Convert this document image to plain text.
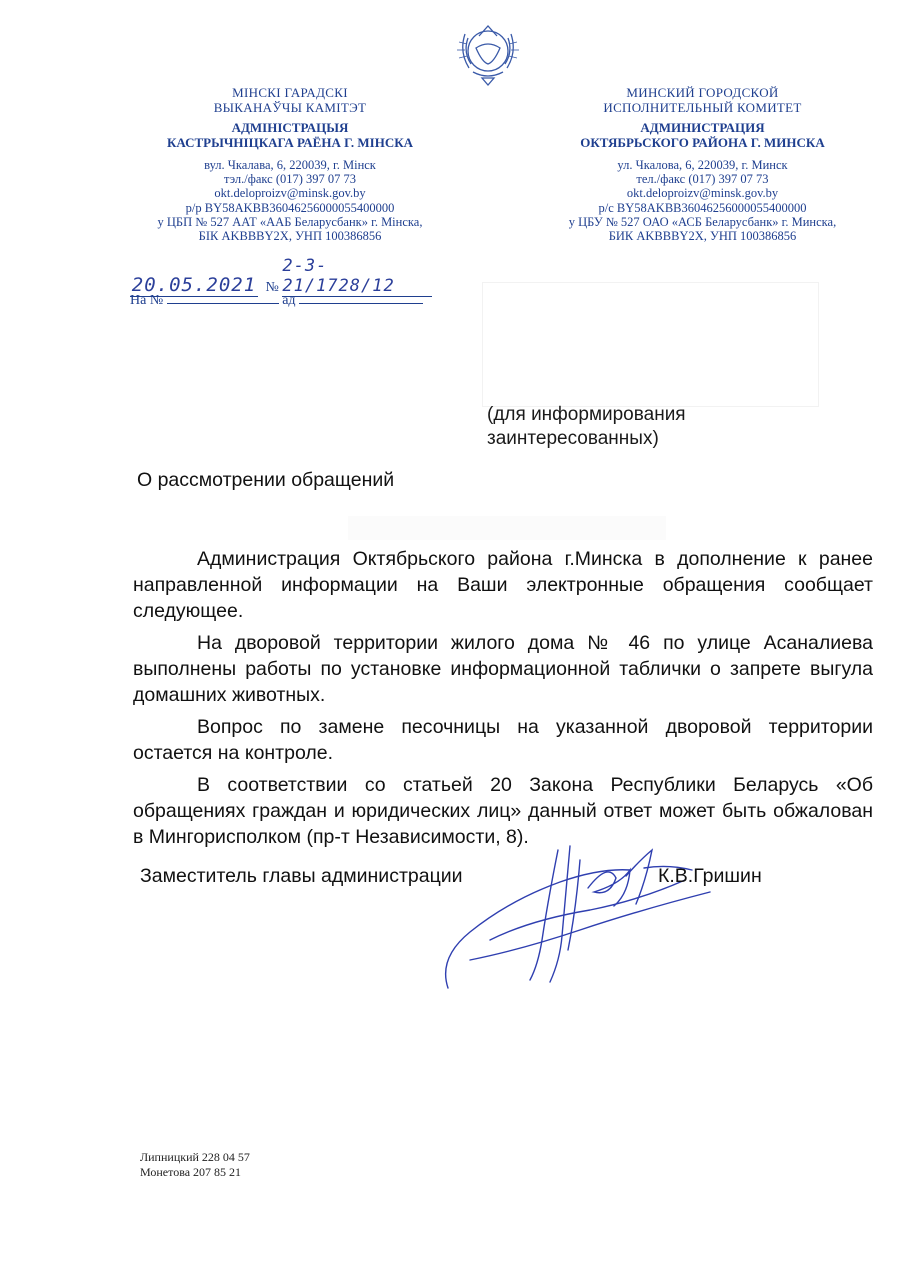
МІНСКІ ГАРАДСКІ
ВЫКАНАЎЧЫ КАМІТЭТ
АДМІНІСТРАЦЫЯ
КАСТРЫЧНІЦКАГА РАЁНА Г. МІНСКА
вул. Чкалава, 6, 220039, г. Мінск
тэл./факс (017) 397 07 73
okt.deloproizv@minsk.gov.by
р/р BY58AKBB36046256000055400000
у ЦБП № 527 ААТ «ААБ Беларусбанк» г. Мінска,
БІК AKBBBY2X, УНП 100386856
МИНСКИЙ ГОРОДСКОЙ
ИСПОЛНИТЕЛЬНЫЙ КОМИТЕТ
АДМИНИСТРАЦИЯ
ОКТЯБРЬСКОГО РАЙОНА Г. МИНСКА
ул. Чкалова, 6, 220039, г. Минск
тел./факс (017) 397 07 73
okt.deloproizv@minsk.gov.by
р/с BY58AKBB36046256000055400000
у ЦБУ № 527 ОАО «АСБ Беларусбанк» г. Минска,
БИК AKBBBY2X, УНП 100386856
20.05.2021 № 2-3-21/1728/12
На №	ад
(для информирования заинтересованных)
О рассмотрении обращений

Администрация Октябрьского района г.Минска в дополнение к ранее направленной информации на Ваши электронные обращения сообщает следующее.

На дворовой территории жилого дома № 46 по улице Асаналиева выполнены работы по установке информационной таблички о запрете выгула домашних животных.

Вопрос по замене песочницы на указанной дворовой территории остается на контроле.

В соответствии со статьей 20 Закона Республики Беларусь «Об обращениях граждан и юридических лиц» данный ответ может быть обжалован в Мингорисполком (пр-т Независимости, 8).

Заместитель главы администрации	К.В.Гришин
Липницкий 228 04 57
Монетова 207 85 21
